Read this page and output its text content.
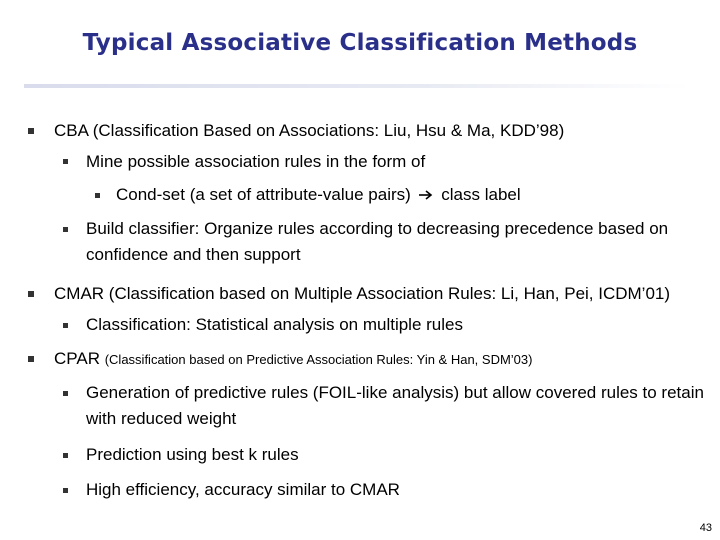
Typical Associative Classification Methods
CBA (Classification Based on Associations: Liu, Hsu & Ma, KDD’98)
Mine possible association rules in the form of
Cond-set (a set of attribute-value pairs) class label
Build classifier: Organize rules according to decreasing precedence based on confidence and then support
CMAR (Classification based on Multiple Association Rules: Li, Han, Pei, ICDM’01)
Classification: Statistical analysis on multiple rules
CPAR (Classification based on Predictive Association Rules: Yin & Han, SDM’03)
Generation of predictive rules (FOIL-like analysis) but allow covered rules to retain with reduced weight
Prediction using best k rules
High efficiency, accuracy similar to CMAR
43
